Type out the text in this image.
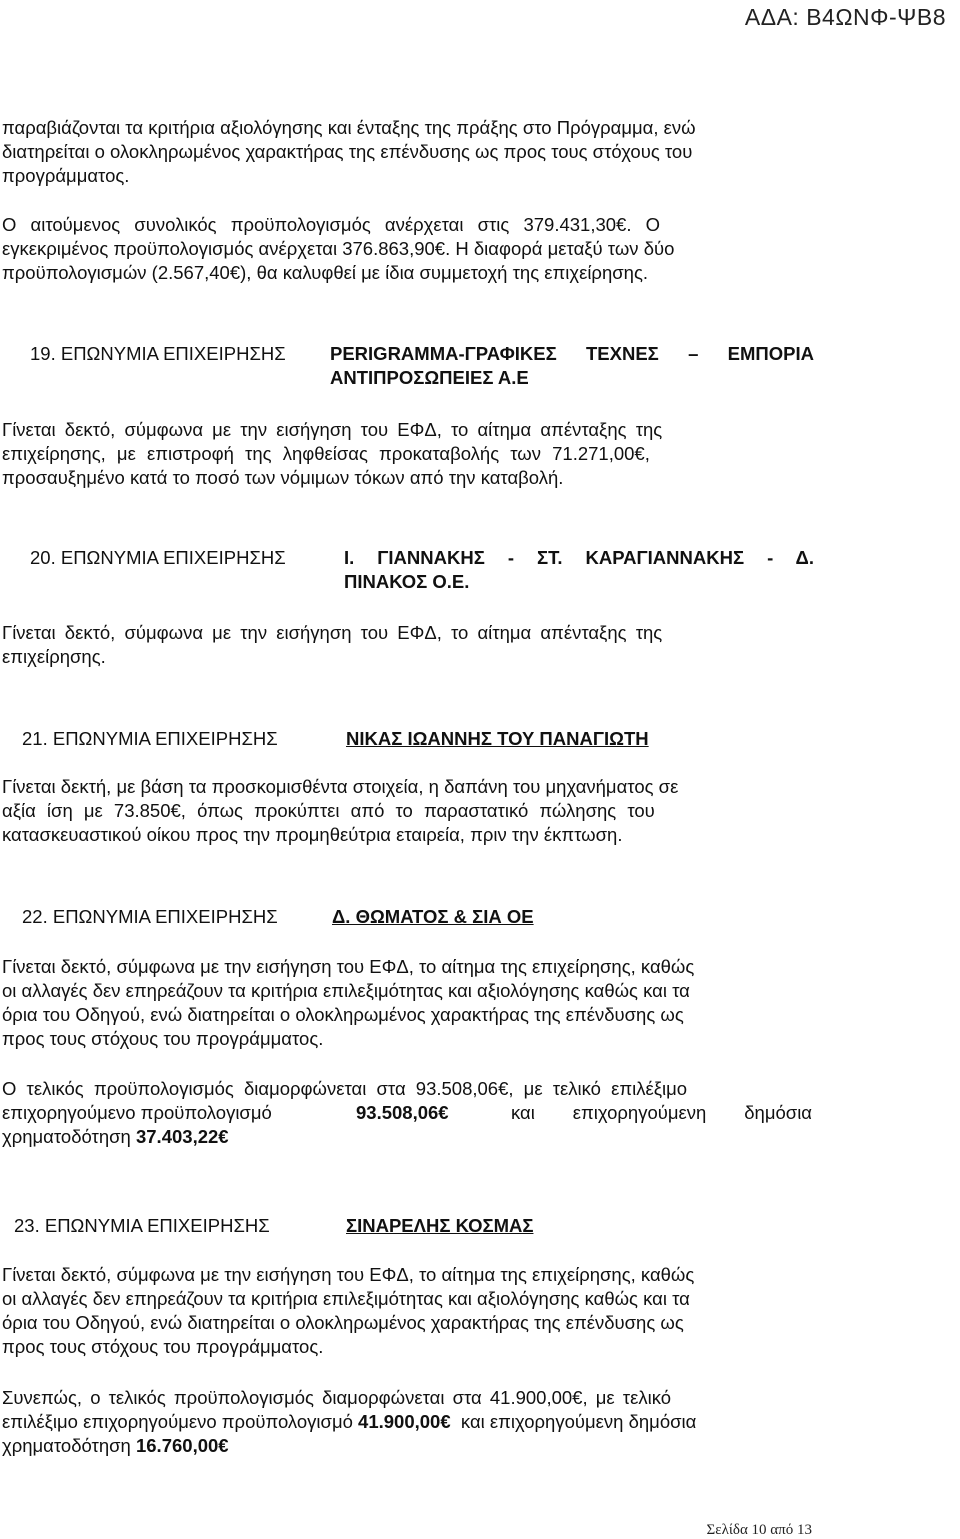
ΑΔΑ: Β4ΩΝΦ-ΨΒ8
παραβιάζονται τα κριτήρια αξιολόγησης και ένταξης της πράξης στο Πρόγραμμα, ενώ
διατηρείται ο ολοκληρωμένος χαρακτήρας της επένδυσης ως προς τους στόχους του
προγράμματος.
Ο αιτούμενος συνολικός προϋπολογισμός ανέρχεται στις 379.431,30€. Ο
εγκεκριμένος προϋπολογισμός ανέρχεται 376.863,90€. Η διαφορά μεταξύ των δύο
προϋπολογισμών (2.567,40€), θα καλυφθεί με ίδια συμμετοχή της επιχείρησης.
19. ΕΠΩΝΥΜΙΑ ΕΠΙΧΕΙΡΗΣΗΣ PERIGRAMMA-ΓΡΑΦΙΚΕΣ ΤΕΧΝΕΣ – ΕΜΠΟΡΙΑ
ΑΝΤΙΠΡΟΣΩΠΕΙΕΣ Α.Ε
Γίνεται δεκτό, σύμφωνα με την εισήγηση του ΕΦΔ, το αίτημα απένταξης της
επιχείρησης, με επιστροφή της ληφθείσας προκαταβολής των 71.271,00€,
προσαυξημένο κατά το ποσό των νόμιμων τόκων από την καταβολή.
20. ΕΠΩΝΥΜΙΑ ΕΠΙΧΕΙΡΗΣΗΣ	Ι. ΓΙΑΝΝΑΚΗΣ - ΣΤ. ΚΑΡΑΓΙΑΝΝΑΚΗΣ - Δ.
ΠΙΝΑΚΟΣ Ο.Ε.
Γίνεται δεκτό, σύμφωνα με την εισήγηση του ΕΦΔ, το αίτημα απένταξης της
επιχείρησης.
21. ΕΠΩΝΥΜΙΑ ΕΠΙΧΕΙΡΗΣΗΣ	ΝΙΚΑΣ ΙΩΑΝΝΗΣ ΤΟΥ ΠΑΝΑΓΙΩΤΗ
Γίνεται δεκτή, με βάση τα προσκομισθέντα στοιχεία, η δαπάνη του μηχανήματος σε
αξία ίση με 73.850€, όπως προκύπτει από το παραστατικό πώλησης του
κατασκευαστικού οίκου προς την προμηθεύτρια εταιρεία, πριν την έκπτωση.
22. ΕΠΩΝΥΜΙΑ ΕΠΙΧΕΙΡΗΣΗΣ	Δ. ΘΩΜΑΤΟΣ & ΣΙΑ ΟΕ
Γίνεται δεκτό, σύμφωνα με την εισήγηση του ΕΦΔ, το αίτημα της επιχείρησης, καθώς
οι αλλαγές δεν επηρεάζουν τα κριτήρια επιλεξιμότητας και αξιολόγησης καθώς και τα
όρια του Οδηγού, ενώ διατηρείται ο ολοκληρωμένος χαρακτήρας της επένδυσης ως
προς τους στόχους του προγράμματος.
Ο τελικός προϋπολογισμός διαμορφώνεται στα 93.508,06€, με τελικό επιλέξιμο
επιχορηγούμενο προϋπολογισμό	93.508,06€	και επιχορηγούμενη δημόσια
χρηματοδότηση 37.403,22€
23. ΕΠΩΝΥΜΙΑ ΕΠΙΧΕΙΡΗΣΗΣ	ΣΙΝΑΡΕΛΗΣ ΚΟΣΜΑΣ
Γίνεται δεκτό, σύμφωνα με την εισήγηση του ΕΦΔ, το αίτημα της επιχείρησης, καθώς
οι αλλαγές δεν επηρεάζουν τα κριτήρια επιλεξιμότητας και αξιολόγησης καθώς και τα
όρια του Οδηγού, ενώ διατηρείται ο ολοκληρωμένος χαρακτήρας της επένδυσης ως
προς τους στόχους του προγράμματος.
Συνεπώς, ο τελικός προϋπολογισμός διαμορφώνεται στα 41.900,00€, με τελικό
επιλέξιμο επιχορηγούμενο προϋπολογισμό 41.900,00€ και επιχορηγούμενη δημόσια
χρηματοδότηση 16.760,00€
Σελίδα 10 από 13
